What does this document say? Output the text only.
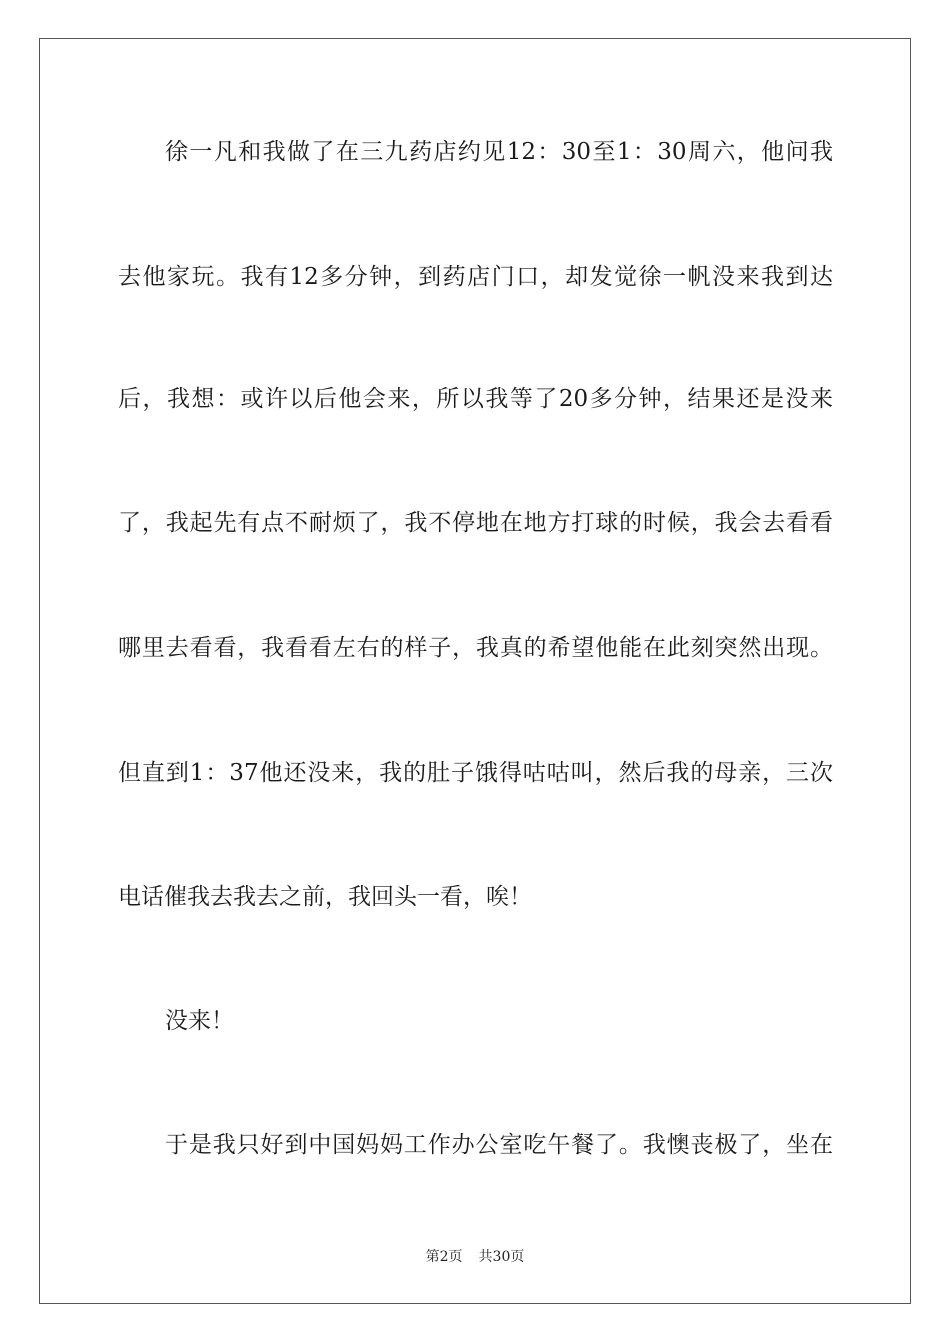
徐一凡和我做了在三九药店约见12：30至1：30周六，他问我
去他家玩。我有12多分钟，到药店门口，却发觉徐一帆没来我到达
后，我想：或许以后他会来，所以我等了20多分钟，结果还是没来
了，我起先有点不耐烦了，我不停地在地方打球的时候，我会去看看
哪里去看看，我看看左右的样子，我真的希望他能在此刻突然出现。
但直到1：37他还没来，我的肚子饿得咕咕叫，然后我的母亲，三次
电话催我去我去之前，我回头一看，唉！
没来！
于是我只好到中国妈妈工作办公室吃午餐了。我懊丧极了，坐在
第2页 共30页
